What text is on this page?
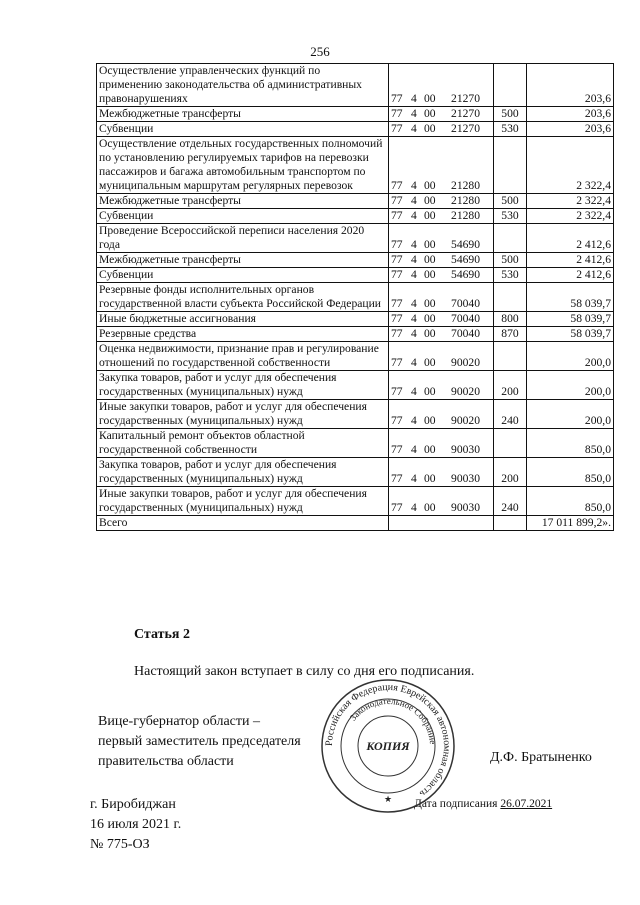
256
Осуществление управленческих функций по применению законодательства об административных правонарушениях	77 4 00 21270		203,6
Межбюджетные трансферты	77 4 00 21270	500	203,6
Субвенции	77 4 00 21270	530	203,6
Осуществление отдельных государственных полномочий по установлению регулируемых тарифов на перевозки пассажиров и багажа автомобильным транспортом по муниципальным маршрутам регулярных перевозок	77 4 00 21280		2 322,4
Межбюджетные трансферты	77 4 00 21280	500	2 322,4
Субвенции	77 4 00 21280	530	2 322,4
Проведение Всероссийской переписи населения 2020 года	77 4 00 54690		2 412,6
Межбюджетные трансферты	77 4 00 54690	500	2 412,6
Субвенции	77 4 00 54690	530	2 412,6
Резервные фонды исполнительных органов государственной власти субъекта Российской Федерации	77 4 00 70040		58 039,7
Иные бюджетные ассигнования	77 4 00 70040	800	58 039,7
Резервные средства	77 4 00 70040	870	58 039,7
Оценка недвижимости, признание прав и регулирование отношений по государственной собственности	77 4 00 90020		200,0
Закупка товаров, работ и услуг для обеспечения государственных (муниципальных) нужд	77 4 00 90020	200	200,0
Иные закупки товаров, работ и услуг для обеспечения государственных (муниципальных) нужд	77 4 00 90020	240	200,0
Капитальный ремонт объектов областной государственной собственности	77 4 00 90030		850,0
Закупка товаров, работ и услуг для обеспечения государственных (муниципальных) нужд	77 4 00 90030	200	850,0
Иные закупки товаров, работ и услуг для обеспечения государственных (муниципальных) нужд	77 4 00 90030	240	850,0
Всего			17 011 899,2».
Статья 2
Настоящий закон вступает в силу со дня его подписания.
Вице-губернатор области –
первый заместитель председателя
правительства области	Д.Ф. Братыненко
г. Биробиджан
16 июля 2021 г.
№ 775-ОЗ
Дата подписания 26.07.2021
Российская Федерация Еврейская автономная область
Законодательное Собрание
КОПИЯ
★
